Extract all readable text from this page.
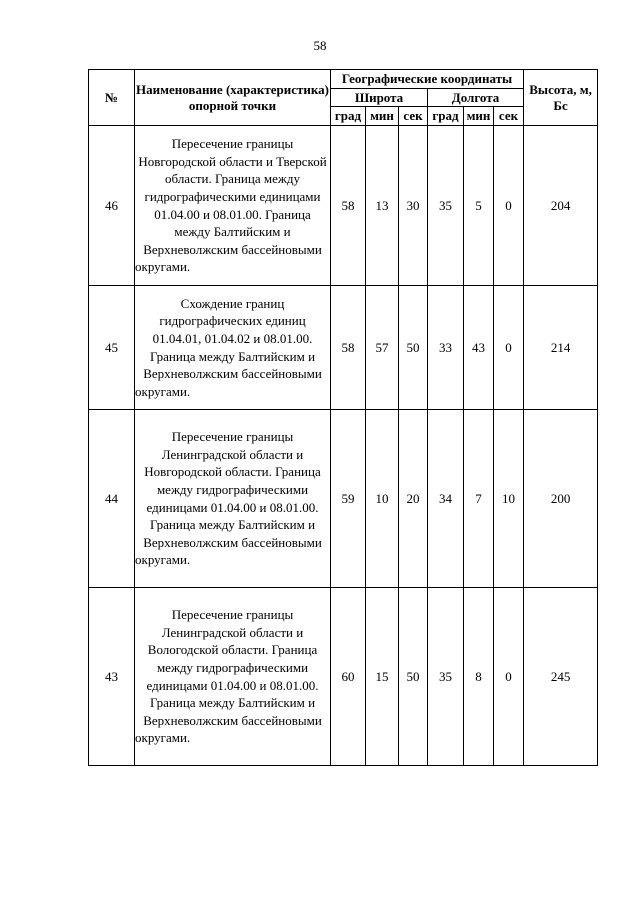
58
№	Наименование (характеристика) опорной точки	Географические координаты						Высота, м, Бс
		Широта			Долгота			
		град	мин	сек	град	мин	сек	
46	Пересечение границы Новгородской области и Тверской области. Граница между гидрографическими единицами 01.04.00 и 08.01.00. Граница между Балтийским и Верхневолжским бассейновыми округами.	58	13	30	35	5	0	204
45	Схождение границ гидрографических единиц 01.04.01, 01.04.02 и 08.01.00. Граница между Балтийским и Верхневолжским бассейновыми округами.	58	57	50	33	43	0	214
44	Пересечение границы Ленинградской области и Новгородской области. Граница между гидрографическими единицами 01.04.00 и 08.01.00. Граница между Балтийским и Верхневолжским бассейновыми округами.	59	10	20	34	7	10	200
43	Пересечение границы Ленинградской области и Вологодской области. Граница между гидрографическими единицами 01.04.00 и 08.01.00. Граница между Балтийским и Верхневолжским бассейновыми округами.	60	15	50	35	8	0	245
